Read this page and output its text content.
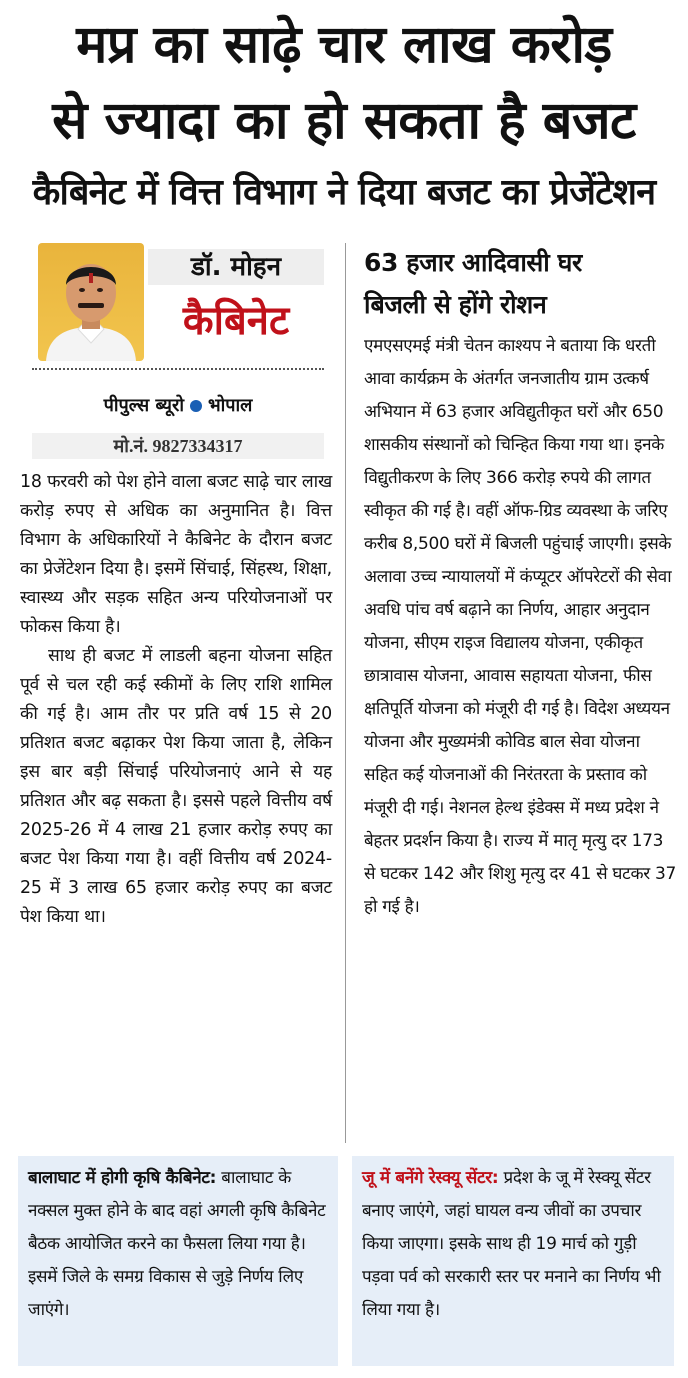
मप्र का साढ़े चार लाख करोड़
से ज्यादा का हो सकता है बजट
कैबिनेट में वित्त विभाग ने दिया बजट का प्रेजेंटेशन
डॉ. मोहन
कैबिनेट
पीपुल्स ब्यूरो भोपाल
मो.नं. 9827334317

18 फरवरी को पेश होने वाला बजट साढ़े चार लाख करोड़ रुपए से अधिक का अनुमानित है। वित्त विभाग के अधिकारियों ने कैबिनेट के दौरान बजट का प्रेजेंटेशन दिया है। इसमें सिंचाई, सिंहस्थ, शिक्षा, स्वास्थ्य और सड़क सहित अन्य परियोजनाओं पर फोकस किया है।

साथ ही बजट में लाडली बहना योजना सहित पूर्व से चल रही कई स्कीमों के लिए राशि शामिल की गई है। आम तौर पर प्रति वर्ष 15 से 20 प्रतिशत बजट बढ़ाकर पेश किया जाता है, लेकिन इस बार बड़ी सिंचाई परियोजनाएं आने से यह प्रतिशत और बढ़ सकता है। इससे पहले वित्तीय वर्ष 2025-26 में 4 लाख 21 हजार करोड़ रुपए का बजट पेश किया गया है। वहीं वित्तीय वर्ष 2024-25 में 3 लाख 65 हजार करोड़ रुपए का बजट पेश किया था।

63 हजार आदिवासी घर
बिजली से होंगे रोशन

एमएसएमई मंत्री चेतन काश्यप ने बताया कि धरती आवा कार्यक्रम के अंतर्गत जनजातीय ग्राम उत्कर्ष अभियान में 63 हजार अविद्युतीकृत घरों और 650 शासकीय संस्थानों को चिन्हित किया गया था। इनके विद्युतीकरण के लिए 366 करोड़ रुपये की लागत स्वीकृत की गई है। वहीं ऑफ-ग्रिड व्यवस्था के जरिए करीब 8,500 घरों में बिजली पहुंचाई जाएगी। इसके अलावा उच्च न्यायालयों में कंप्यूटर ऑपरेटरों की सेवा अवधि पांच वर्ष बढ़ाने का निर्णय, आहार अनुदान योजना, सीएम राइज विद्यालय योजना, एकीकृत छात्रावास योजना, आवास सहायता योजना, फीस क्षतिपूर्ति योजना को मंजूरी दी गई है। विदेश अध्ययन योजना और मुख्यमंत्री कोविड बाल सेवा योजना सहित कई योजनाओं की निरंतरता के प्रस्ताव को मंजूरी दी गई। नेशनल हेल्थ इंडेक्स में मध्य प्रदेश ने बेहतर प्रदर्शन किया है। राज्य में मातृ मृत्यु दर 173 से घटकर 142 और शिशु मृत्यु दर 41 से घटकर 37 हो गई है।

बालाघाट में होगी कृषि कैबिनेट: बालाघाट के नक्सल मुक्त होने के बाद वहां अगली कृषि कैबिनेट बैठक आयोजित करने का फैसला लिया गया है। इसमें जिले के समग्र विकास से जुड़े निर्णय लिए जाएंगे।

जू में बनेंगे रेस्क्यू सेंटर: प्रदेश के जू में रेस्क्यू सेंटर बनाए जाएंगे, जहां घायल वन्य जीवों का उपचार किया जाएगा। इसके साथ ही 19 मार्च को गुड़ी पड़वा पर्व को सरकारी स्तर पर मनाने का निर्णय भी लिया गया है।
